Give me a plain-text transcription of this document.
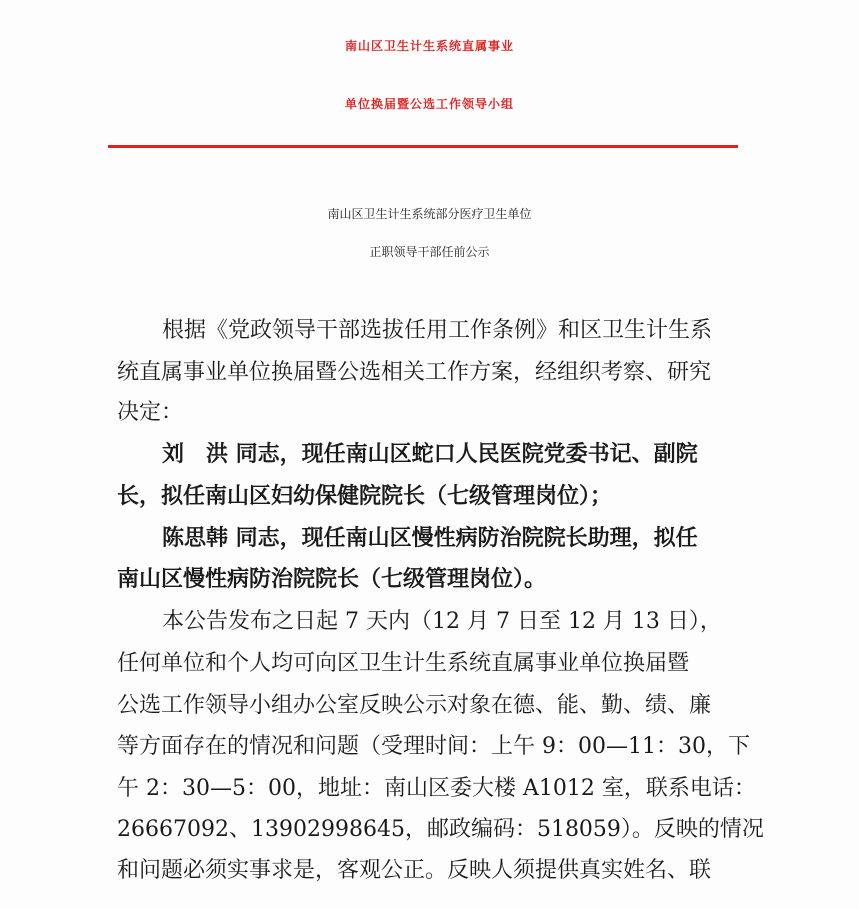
南山区卫生计生系统直属事业
单位换届暨公选工作领导小组
南山区卫生计生系统部分医疗卫生单位
正职领导干部任前公示
根据《党政领导干部选拔任用工作条例》和区卫生计生系
统直属事业单位换届暨公选相关工作方案，经组织考察、研究
决定：
刘　洪 同志，现任南山区蛇口人民医院党委书记、副院
长，拟任南山区妇幼保健院院长（七级管理岗位）；
陈思韩 同志，现任南山区慢性病防治院院长助理，拟任
南山区慢性病防治院院长（七级管理岗位）。
本公告发布之日起 7 天内（12 月 7 日至 12 月 13 日），
任何单位和个人均可向区卫生计生系统直属事业单位换届暨
公选工作领导小组办公室反映公示对象在德、能、勤、绩、廉
等方面存在的情况和问题（受理时间：上午 9：00—11：30，下
午 2：30—5：00，地址：南山区委大楼 A1012 室，联系电话：
26667092、13902998645，邮政编码：518059）。反映的情况
和问题必须实事求是，客观公正。反映人须提供真实姓名、联
